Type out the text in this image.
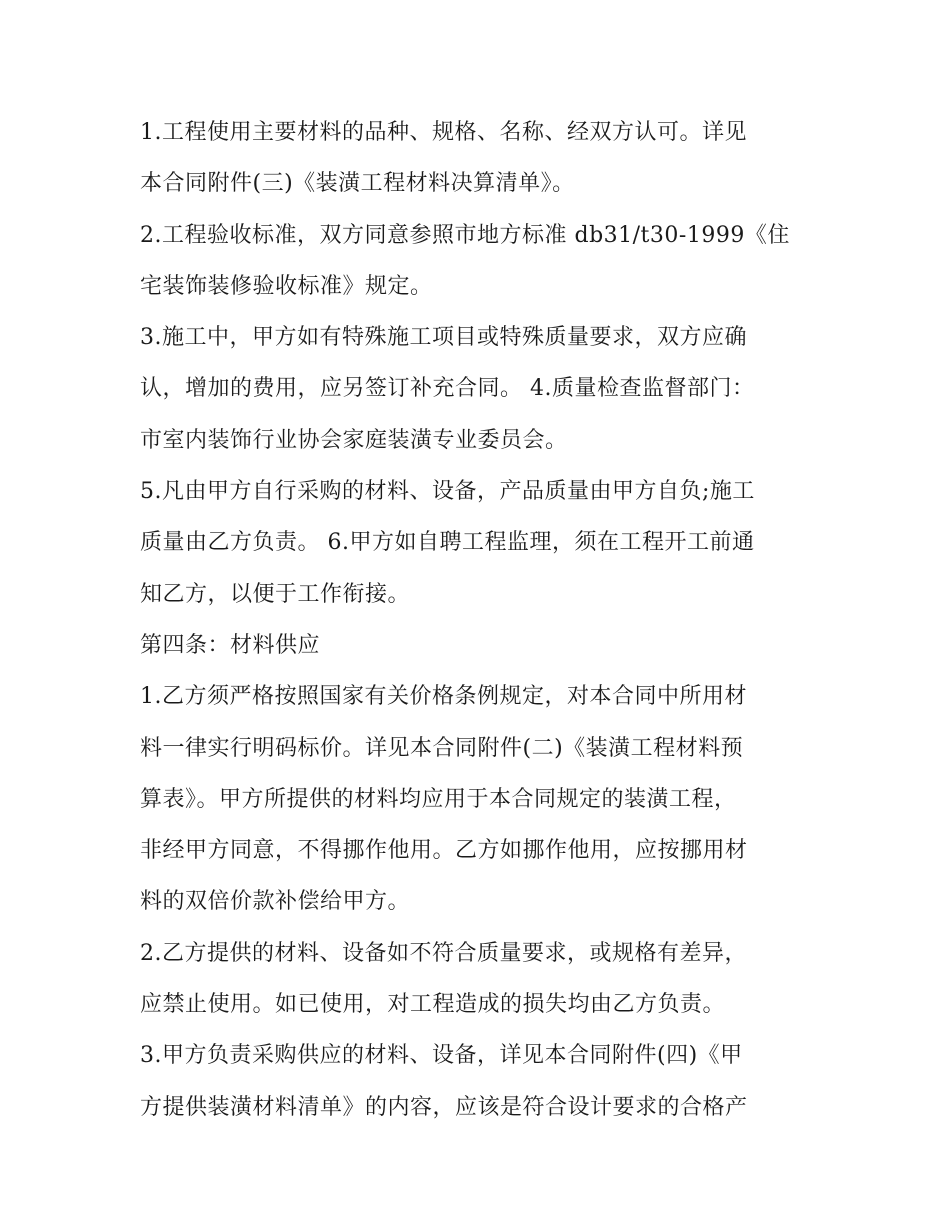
1.工程使用主要材料的品种、规格、名称、经双方认可。详见
本合同附件(三)《装潢工程材料决算清单》。
2.工程验收标准，双方同意参照市地方标准 db31/t30-1999《住
宅装饰装修验收标准》规定。
3.施工中，甲方如有特殊施工项目或特殊质量要求，双方应确
认，增加的费用，应另签订补充合同。 4.质量检查监督部门：
市室内装饰行业协会家庭装潢专业委员会。
5.凡由甲方自行采购的材料、设备，产品质量由甲方自负;施工
质量由乙方负责。 6.甲方如自聘工程监理，须在工程开工前通
知乙方，以便于工作衔接。
第四条：材料供应
1.乙方须严格按照国家有关价格条例规定，对本合同中所用材
料一律实行明码标价。详见本合同附件(二)《装潢工程材料预
算表》。甲方所提供的材料均应用于本合同规定的装潢工程，
非经甲方同意，不得挪作他用。乙方如挪作他用，应按挪用材
料的双倍价款补偿给甲方。
2.乙方提供的材料、设备如不符合质量要求，或规格有差异，
应禁止使用。如已使用，对工程造成的损失均由乙方负责。
3.甲方负责采购供应的材料、设备，详见本合同附件(四)《甲
方提供装潢材料清单》的内容，应该是符合设计要求的合格产
